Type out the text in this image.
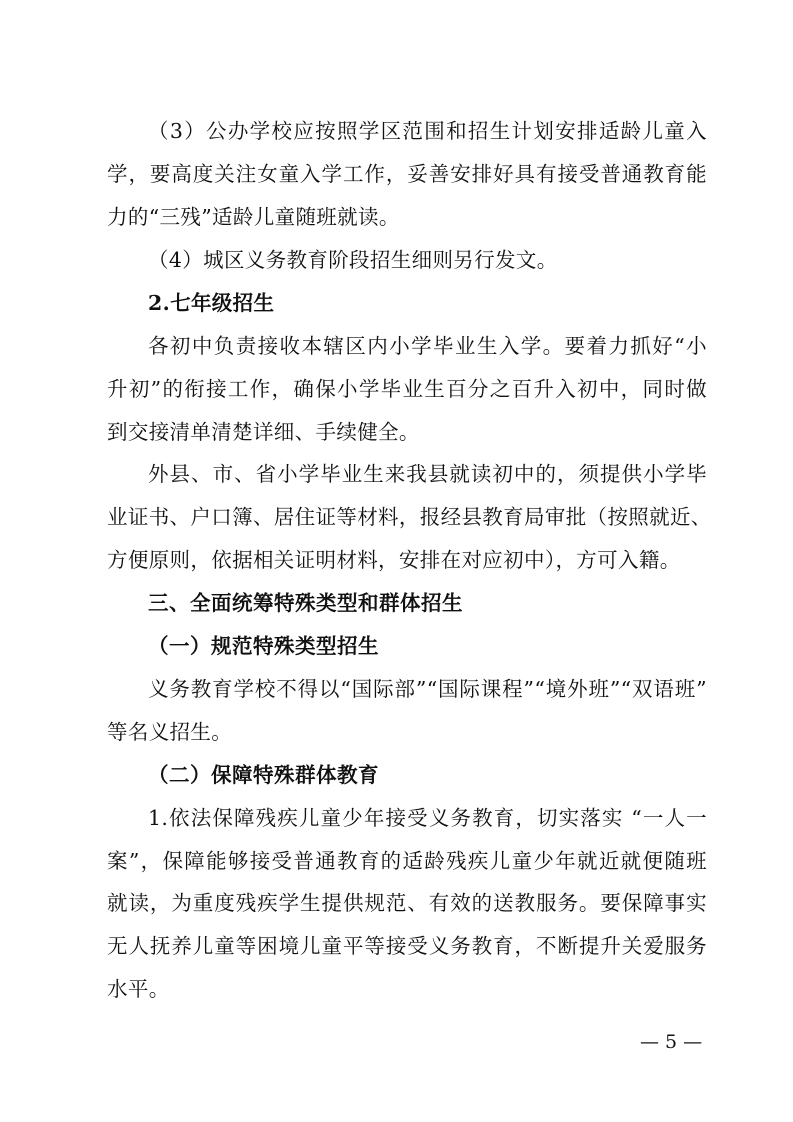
（3）公办学校应按照学区范围和招生计划安排适龄儿童入
学，要高度关注女童入学工作，妥善安排好具有接受普通教育能
力的“三残”适龄儿童随班就读。
（4）城区义务教育阶段招生细则另行发文。
2.七年级招生
各初中负责接收本辖区内小学毕业生入学。要着力抓好“小
升初”的衔接工作，确保小学毕业生百分之百升入初中，同时做
到交接清单清楚详细、手续健全。
外县、市、省小学毕业生来我县就读初中的，须提供小学毕
业证书、户口簿、居住证等材料，报经县教育局审批（按照就近、
方便原则，依据相关证明材料，安排在对应初中），方可入籍。
三、全面统筹特殊类型和群体招生
（一）规范特殊类型招生
义务教育学校不得以“国际部”“国际课程”“境外班”“双语班”
等名义招生。
（二）保障特殊群体教育
1.依法保障残疾儿童少年接受义务教育，切实落实 “一人一
案”，保障能够接受普通教育的适龄残疾儿童少年就近就便随班
就读，为重度残疾学生提供规范、有效的送教服务。要保障事实
无人抚养儿童等困境儿童平等接受义务教育，不断提升关爱服务
水平。
— 5 —
